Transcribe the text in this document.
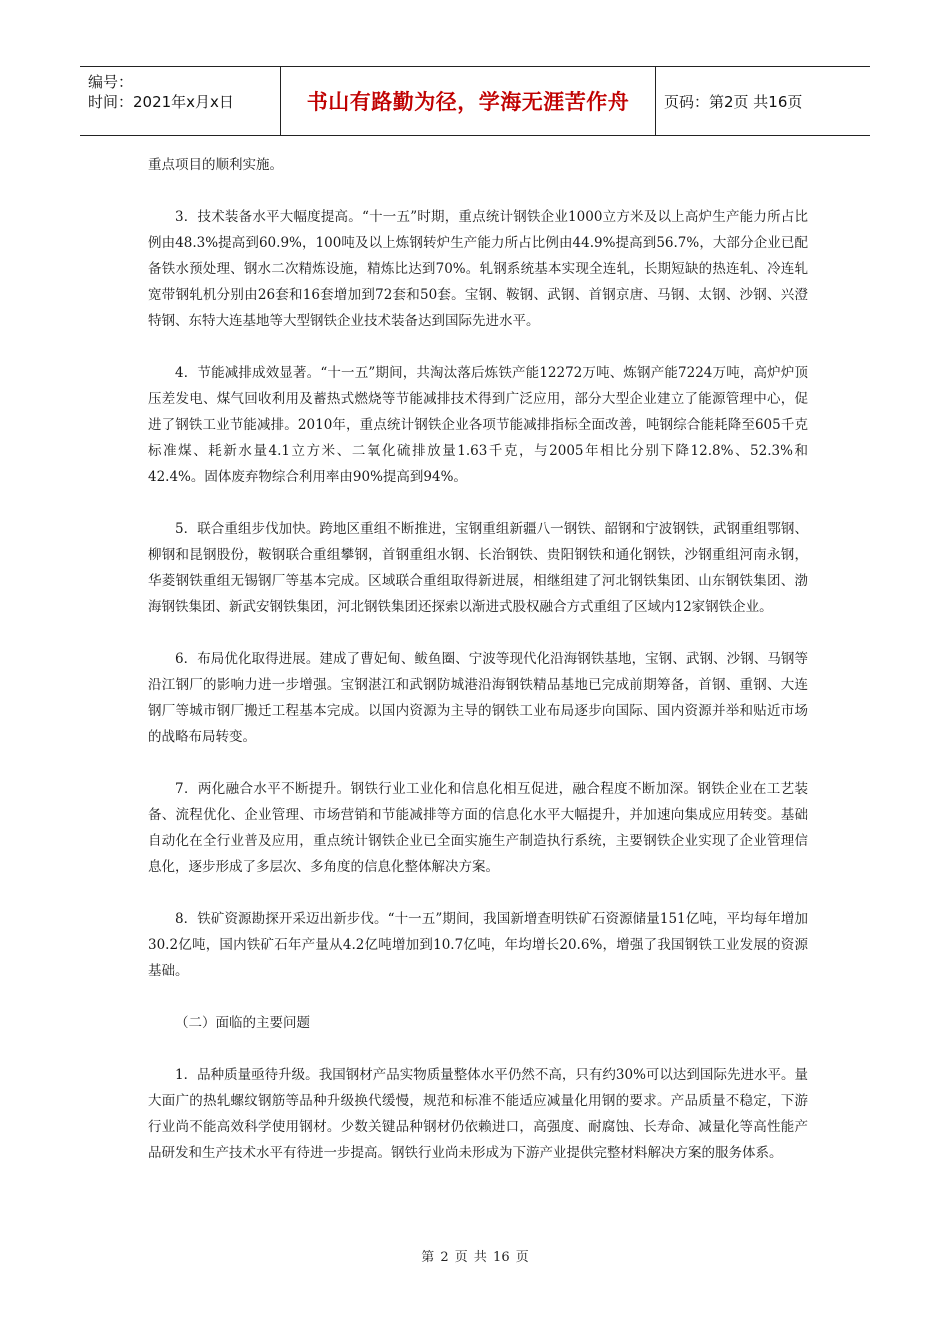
编号：
时间：2021年x月x日	书山有路勤为径，学海无涯苦作舟	页码：第2页 共16页

重点项目的顺利实施。

3．技术装备水平大幅度提高。“十一五”时期，重点统计钢铁企业1000立方米及以上高炉生产能力所占比例由48.3%提高到60.9%，100吨及以上炼钢转炉生产能力所占比例由44.9%提高到56.7%，大部分企业已配备铁水预处理、钢水二次精炼设施，精炼比达到70%。轧钢系统基本实现全连轧，长期短缺的热连轧、冷连轧宽带钢轧机分别由26套和16套增加到72套和50套。宝钢、鞍钢、武钢、首钢京唐、马钢、太钢、沙钢、兴澄特钢、东特大连基地等大型钢铁企业技术装备达到国际先进水平。

4．节能减排成效显著。“十一五”期间，共淘汰落后炼铁产能12272万吨、炼钢产能7224万吨，高炉炉顶压差发电、煤气回收利用及蓄热式燃烧等节能减排技术得到广泛应用，部分大型企业建立了能源管理中心，促进了钢铁工业节能减排。2010年，重点统计钢铁企业各项节能减排指标全面改善，吨钢综合能耗降至605千克标准煤、耗新水量4.1立方米、二氧化硫排放量1.63千克，与2005年相比分别下降12.8%、52.3%和42.4%。固体废弃物综合利用率由90%提高到94%。

5．联合重组步伐加快。跨地区重组不断推进，宝钢重组新疆八一钢铁、韶钢和宁波钢铁，武钢重组鄂钢、柳钢和昆钢股份，鞍钢联合重组攀钢，首钢重组水钢、长治钢铁、贵阳钢铁和通化钢铁，沙钢重组河南永钢，华菱钢铁重组无锡钢厂等基本完成。区域联合重组取得新进展，相继组建了河北钢铁集团、山东钢铁集团、渤海钢铁集团、新武安钢铁集团，河北钢铁集团还探索以渐进式股权融合方式重组了区域内12家钢铁企业。

6．布局优化取得进展。建成了曹妃甸、鲅鱼圈、宁波等现代化沿海钢铁基地，宝钢、武钢、沙钢、马钢等沿江钢厂的影响力进一步增强。宝钢湛江和武钢防城港沿海钢铁精品基地已完成前期筹备，首钢、重钢、大连钢厂等城市钢厂搬迁工程基本完成。以国内资源为主导的钢铁工业布局逐步向国际、国内资源并举和贴近市场的战略布局转变。

7．两化融合水平不断提升。钢铁行业工业化和信息化相互促进，融合程度不断加深。钢铁企业在工艺装备、流程优化、企业管理、市场营销和节能减排等方面的信息化水平大幅提升，并加速向集成应用转变。基础自动化在全行业普及应用，重点统计钢铁企业已全面实施生产制造执行系统，主要钢铁企业实现了企业管理信息化，逐步形成了多层次、多角度的信息化整体解决方案。

8．铁矿资源勘探开采迈出新步伐。“十一五”期间，我国新增查明铁矿石资源储量151亿吨，平均每年增加30.2亿吨，国内铁矿石年产量从4.2亿吨增加到10.7亿吨，年均增长20.6%，增强了我国钢铁工业发展的资源基础。

（二）面临的主要问题

1．品种质量亟待升级。我国钢材产品实物质量整体水平仍然不高，只有约30%可以达到国际先进水平。量大面广的热轧螺纹钢筋等品种升级换代缓慢，规范和标准不能适应减量化用钢的要求。产品质量不稳定，下游行业尚不能高效科学使用钢材。少数关键品种钢材仍依赖进口，高强度、耐腐蚀、长寿命、减量化等高性能产品研发和生产技术水平有待进一步提高。钢铁行业尚未形成为下游产业提供完整材料解决方案的服务体系。

第 2 页 共 16 页
